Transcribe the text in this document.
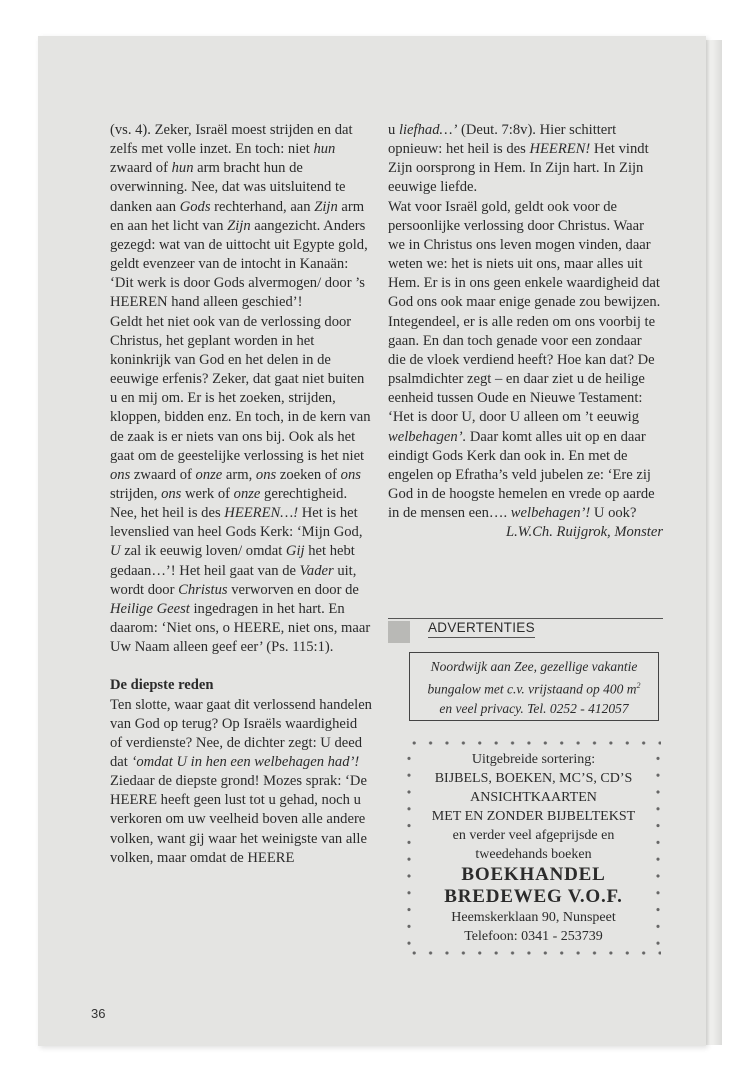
(vs. 4). Zeker, Israël moest strijden en dat zelfs met volle inzet. En toch: niet hun zwaard of hun arm bracht hun de overwinning. Nee, dat was uitsluitend te danken aan Gods rechterhand, aan Zijn arm en aan het licht van Zijn aangezicht. Anders gezegd: wat van de uittocht uit Egypte gold, geldt evenzeer van de intocht in Kanaän: ‘Dit werk is door Gods alvermogen/ door ’s HEEREN hand alleen geschied’!

Geldt het niet ook van de verlossing door Christus, het geplant worden in het koninkrijk van God en het delen in de eeuwige erfenis? Zeker, dat gaat niet buiten u en mij om. Er is het zoeken, strijden, kloppen, bidden enz. En toch, in de kern van de zaak is er niets van ons bij. Ook als het gaat om de geestelijke verlossing is het niet ons zwaard of onze arm, ons zoeken of ons strijden, ons werk of onze gerechtigheid. Nee, het heil is des HEEREN…! Het is het levenslied van heel Gods Kerk: ‘Mijn God, U zal ik eeuwig loven/ omdat Gij het hebt gedaan…’! Het heil gaat van de Vader uit, wordt door Christus verworven en door de Heilige Geest ingedragen in het hart. En daarom: ‘Niet ons, o HEERE, niet ons, maar Uw Naam alleen geef eer’ (Ps. 115:1).

De diepste reden

Ten slotte, waar gaat dit verlossend handelen van God op terug? Op Israëls waardigheid of verdienste? Nee, de dichter zegt: U deed dat ‘omdat U in hen een welbehagen had’! Ziedaar de diepste grond! Mozes sprak: ‘De HEERE heeft geen lust tot u gehad, noch u verkoren om uw veelheid boven alle andere volken, want gij waar het weinigste van alle volken, maar omdat de HEERE

u liefhad…’ (Deut. 7:8v). Hier schittert opnieuw: het heil is des HEEREN! Het vindt Zijn oorsprong in Hem. In Zijn hart. In Zijn eeuwige liefde.

Wat voor Israël gold, geldt ook voor de persoonlijke verlossing door Christus. Waar we in Christus ons leven mogen vinden, daar weten we: het is niets uit ons, maar alles uit Hem. Er is in ons geen enkele waardigheid dat God ons ook maar enige genade zou bewijzen. Integendeel, er is alle reden om ons voorbij te gaan. En dan toch genade voor een zondaar die de vloek verdiend heeft? Hoe kan dat? De psalmdichter zegt – en daar ziet u de heilige eenheid tussen Oude en Nieuwe Testament: ‘Het is door U, door U alleen om ’t eeuwig welbehagen’. Daar komt alles uit op en daar eindigt Gods Kerk dan ook in. En met de engelen op Efratha’s veld jubelen ze: ‘Ere zij God in de hoogste hemelen en vrede op aarde in de mensen een…. welbehagen’! U ook?

L.W.Ch. Ruijgrok, Monster

ADVERTENTIES
Noordwijk aan Zee, gezellige vakantie
bungalow met c.v. vrijstaand op 400 $m^2$
en veel privacy. Tel. 0252 - 412057
Uitgebreide sortering:
BIJBELS, BOEKEN, MC’S, CD’S
ANSICHTKAARTEN
MET EN ZONDER BIJBELTEKST
en verder veel afgeprijsde en
tweedehands boeken
BOEKHANDEL
BREDEWEG V.O.F.
Heemskerklaan 90, Nunspeet
Telefoon: 0341 - 253739
36
